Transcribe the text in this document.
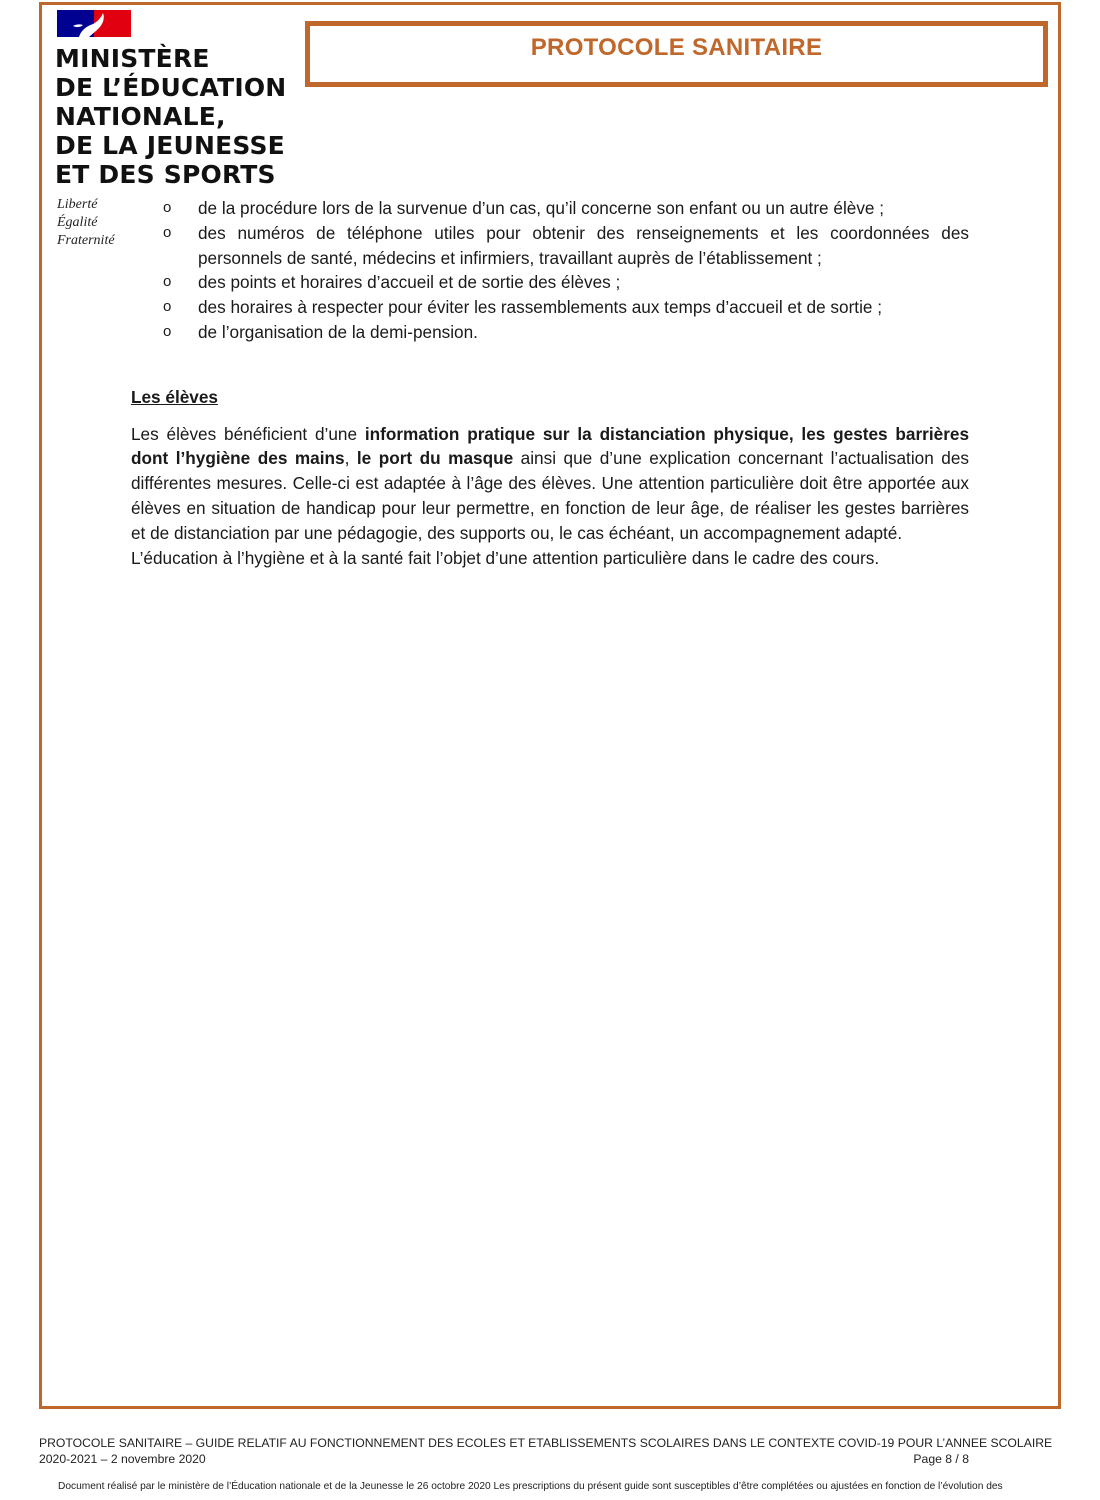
MINISTÈRE
DE L’ÉDUCATION
NATIONALE,
DE LA JEUNESSE
ET DES SPORTS
Liberté
Égalité
Fraternité
PROTOCOLE SANITAIRE
o de la procédure lors de la survenue d’un cas, qu’il concerne son enfant ou un autre élève ;
o des numéros de téléphone utiles pour obtenir des renseignements et les coordonnées des personnels de santé, médecins et infirmiers, travaillant auprès de l’établissement ;
o des points et horaires d’accueil et de sortie des élèves ;
o des horaires à respecter pour éviter les rassemblements aux temps d’accueil et de sortie ;
o de l’organisation de la demi-pension.
Les élèves
Les élèves bénéficient d’une information pratique sur la distanciation physique, les gestes barrières dont l’hygiène des mains, le port du masque ainsi que d’une explication concernant l’actualisation des différentes mesures. Celle-ci est adaptée à l’âge des élèves. Une attention particulière doit être apportée aux élèves en situation de handicap pour leur permettre, en fonction de leur âge, de réaliser les gestes barrières et de distanciation par une pédagogie, des supports ou, le cas échéant, un accompagnement adapté.
L’éducation à l’hygiène et à la santé fait l’objet d’une attention particulière dans le cadre des cours.
PROTOCOLE SANITAIRE – GUIDE RELATIF AU FONCTIONNEMENT DES ECOLES ET ETABLISSEMENTS SCOLAIRES DANS LE CONTEXTE COVID-19 POUR L’ANNEE SCOLAIRE
2020-2021 – 2 novembre 2020	Page 8 / 8
Document réalisé par le ministère de l’Éducation nationale et de la Jeunesse le 26 octobre 2020 Les prescriptions du présent guide sont susceptibles d’être complétées ou ajustées en fonction de l’évolution des
